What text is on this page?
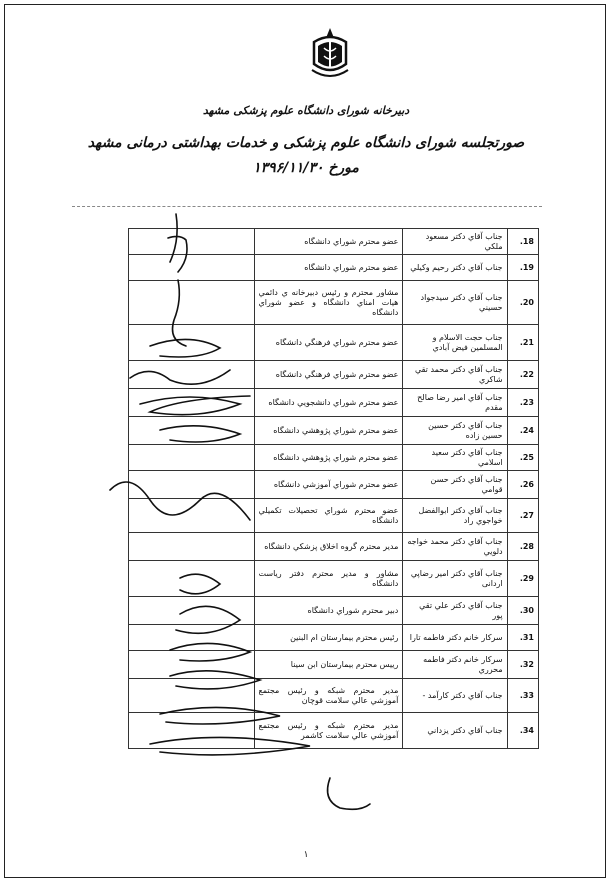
دبیرخانه شورای دانشگاه علوم پزشکی مشهد
صورتجلسه شورای دانشگاه علوم پزشکی و خدمات بهداشتی درمانی مشهد
مورخ ۱۳۹۶/۱۱/۳۰
18.	جناب آقاي دكتر مسعود ملكي	عضو محترم شوراي دانشگاه	
19.	جناب آقاي دكتر رحيم وكيلي	عضو محترم شوراي دانشگاه	
20.	جناب آقاي دكتر سيدجواد حسيني	مشاور محترم و رئيس دبيرخانه ي دائمي هيات امناي دانشگاه و عضو شوراي دانشگاه	
21.	جناب حجت الاسلام و المسلمين فيض آبادي	عضو محترم شوراي فرهنگي دانشگاه	
22.	جناب آقاي دكتر محمد تقي شاكري	عضو محترم شوراي فرهنگي دانشگاه	
23.	جناب آقاي امير رضا صالح مقدم	عضو محترم شوراي دانشجويي دانشگاه	
24.	جناب آقاي دكتر حسين حسين زاده	عضو محترم شوراي پژوهشي دانشگاه	
25.	جناب آقاي دكتر سعيد اسلامي	عضو محترم شوراي پژوهشي دانشگاه	
26.	جناب آقاي دكتر حسن قوامي	عضو محترم شوراي آموزشي دانشگاه	
27.	جناب آقاي دكتر ابوالفضل خواجوي راد	عضو محترم شوراي تحصيلات تكميلي دانشگاه	
28.	جناب آقاي دكتر محمد خواجه دلويي	مدير محترم گروه اخلاق پزشكي دانشگاه	
29.	جناب آقاي دكتر امير رضاپي اردانی	مشاور و مدير محترم دفتر رياست دانشگاه	
30.	جناب آقاي دكتر علي تقي پور	دبير محترم شوراي دانشگاه	
31.	سركار خانم دكتر فاطمه تارا	رئيس محترم بيمارستان ام البنين	
32.	سركار خانم دكتر فاطمه محرري	رييس محترم بيمارستان ابن سينا	
33.	جناب آقاي دكتر كارآمد -	مدير محترم شبكه و رئيس مجتمع آموزشي عالي سلامت قوچان	
34.	جناب آقاي دكتر يزداني	مدير محترم شبكه و رئيس مجتمع آموزشي عالي سلامت كاشمر	
۱
